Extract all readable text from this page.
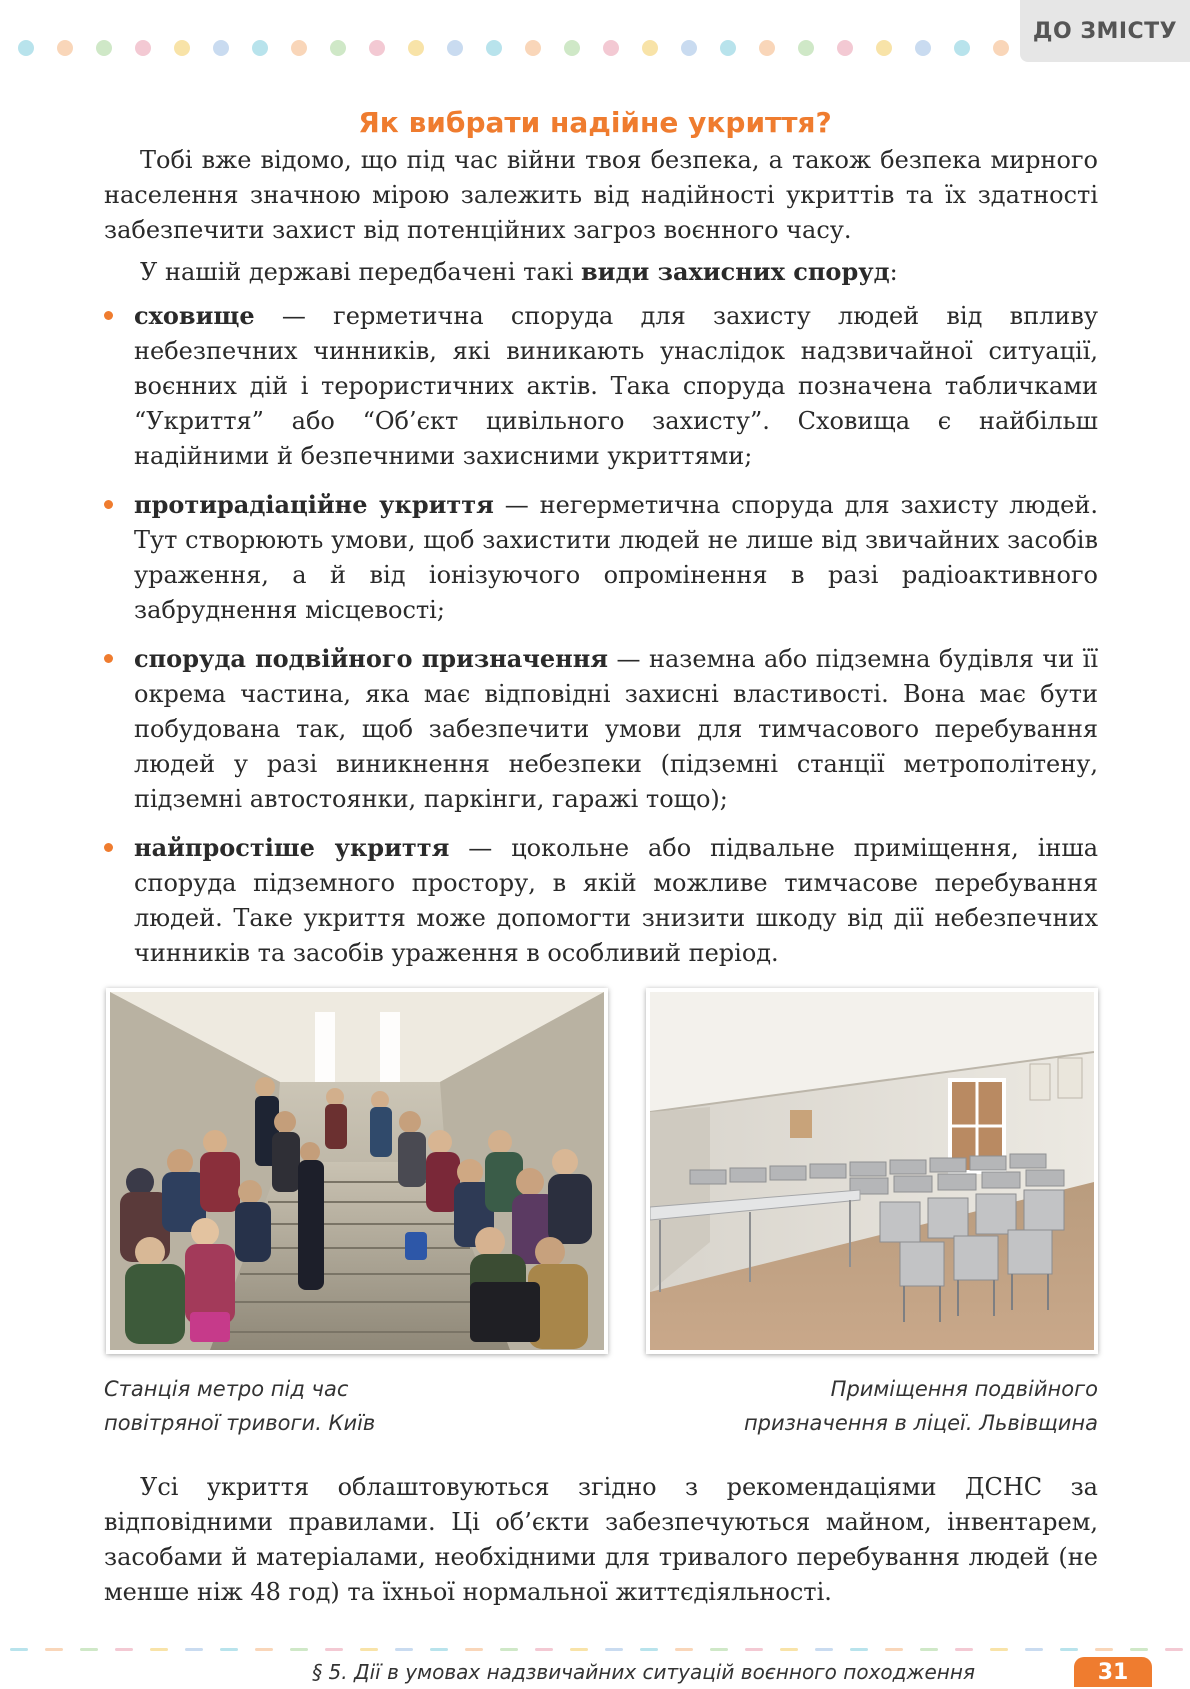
ДО ЗМІСТУ
Як вибрати надійне укриття?

Тобі вже відомо, що під час війни твоя безпека, а також безпека мирного населення значною мірою залежить від надійності укриттів та їх здатності забезпечити захист від потенційних загроз воєнного часу.

У нашій державі передбачені такі види захисних споруд:

сховище — герметична споруда для захисту людей від впливу небезпечних чинників, які виникають унаслідок надзвичайної ситуації, воєнних дій і терористичних актів. Така споруда позначена табличками “Укриття” або “Об’єкт цивільного захисту”. Сховища є найбільш надійними й безпечними захисними укриттями;
протирадіаційне укриття — негерметична споруда для захисту людей. Тут створюють умови, щоб захистити людей не лише від звичайних засобів ураження, а й від іонізуючого опромінення в разі радіоактивного забруднення місцевості;
споруда подвійного призначення — наземна або підземна будівля чи її окрема частина, яка має відповідні захисні властивості. Вона має бути побудована так, щоб забезпечити умови для тимчасового перебування людей у разі виникнення небезпеки (підземні станції метрополітену, підземні автостоянки, паркінги, гаражі тощо);
найпростіше укриття — цокольне або підвальне приміщення, інша споруда підземного простору, в якій можливе тимчасове перебування людей. Таке укриття може допомогти знизити шкоду від дії небезпечних чинників та засобів ураження в особливий період.

Станція метро під час
повітряної тривоги. Київ

Приміщення подвійного
призначення в ліцеї. Львівщина

Усі укриття облаштовуються згідно з рекомендаціями ДСНС за відповідними правилами. Ці об’єкти забезпечуються майном, інвентарем, засобами й матеріалами, необхідними для тривалого перебування людей (не менше ніж 48 год) та їхньої нормальної життєдіяльності.

§ 5. Дії в умовах надзвичайних ситуацій воєнного походження	31
